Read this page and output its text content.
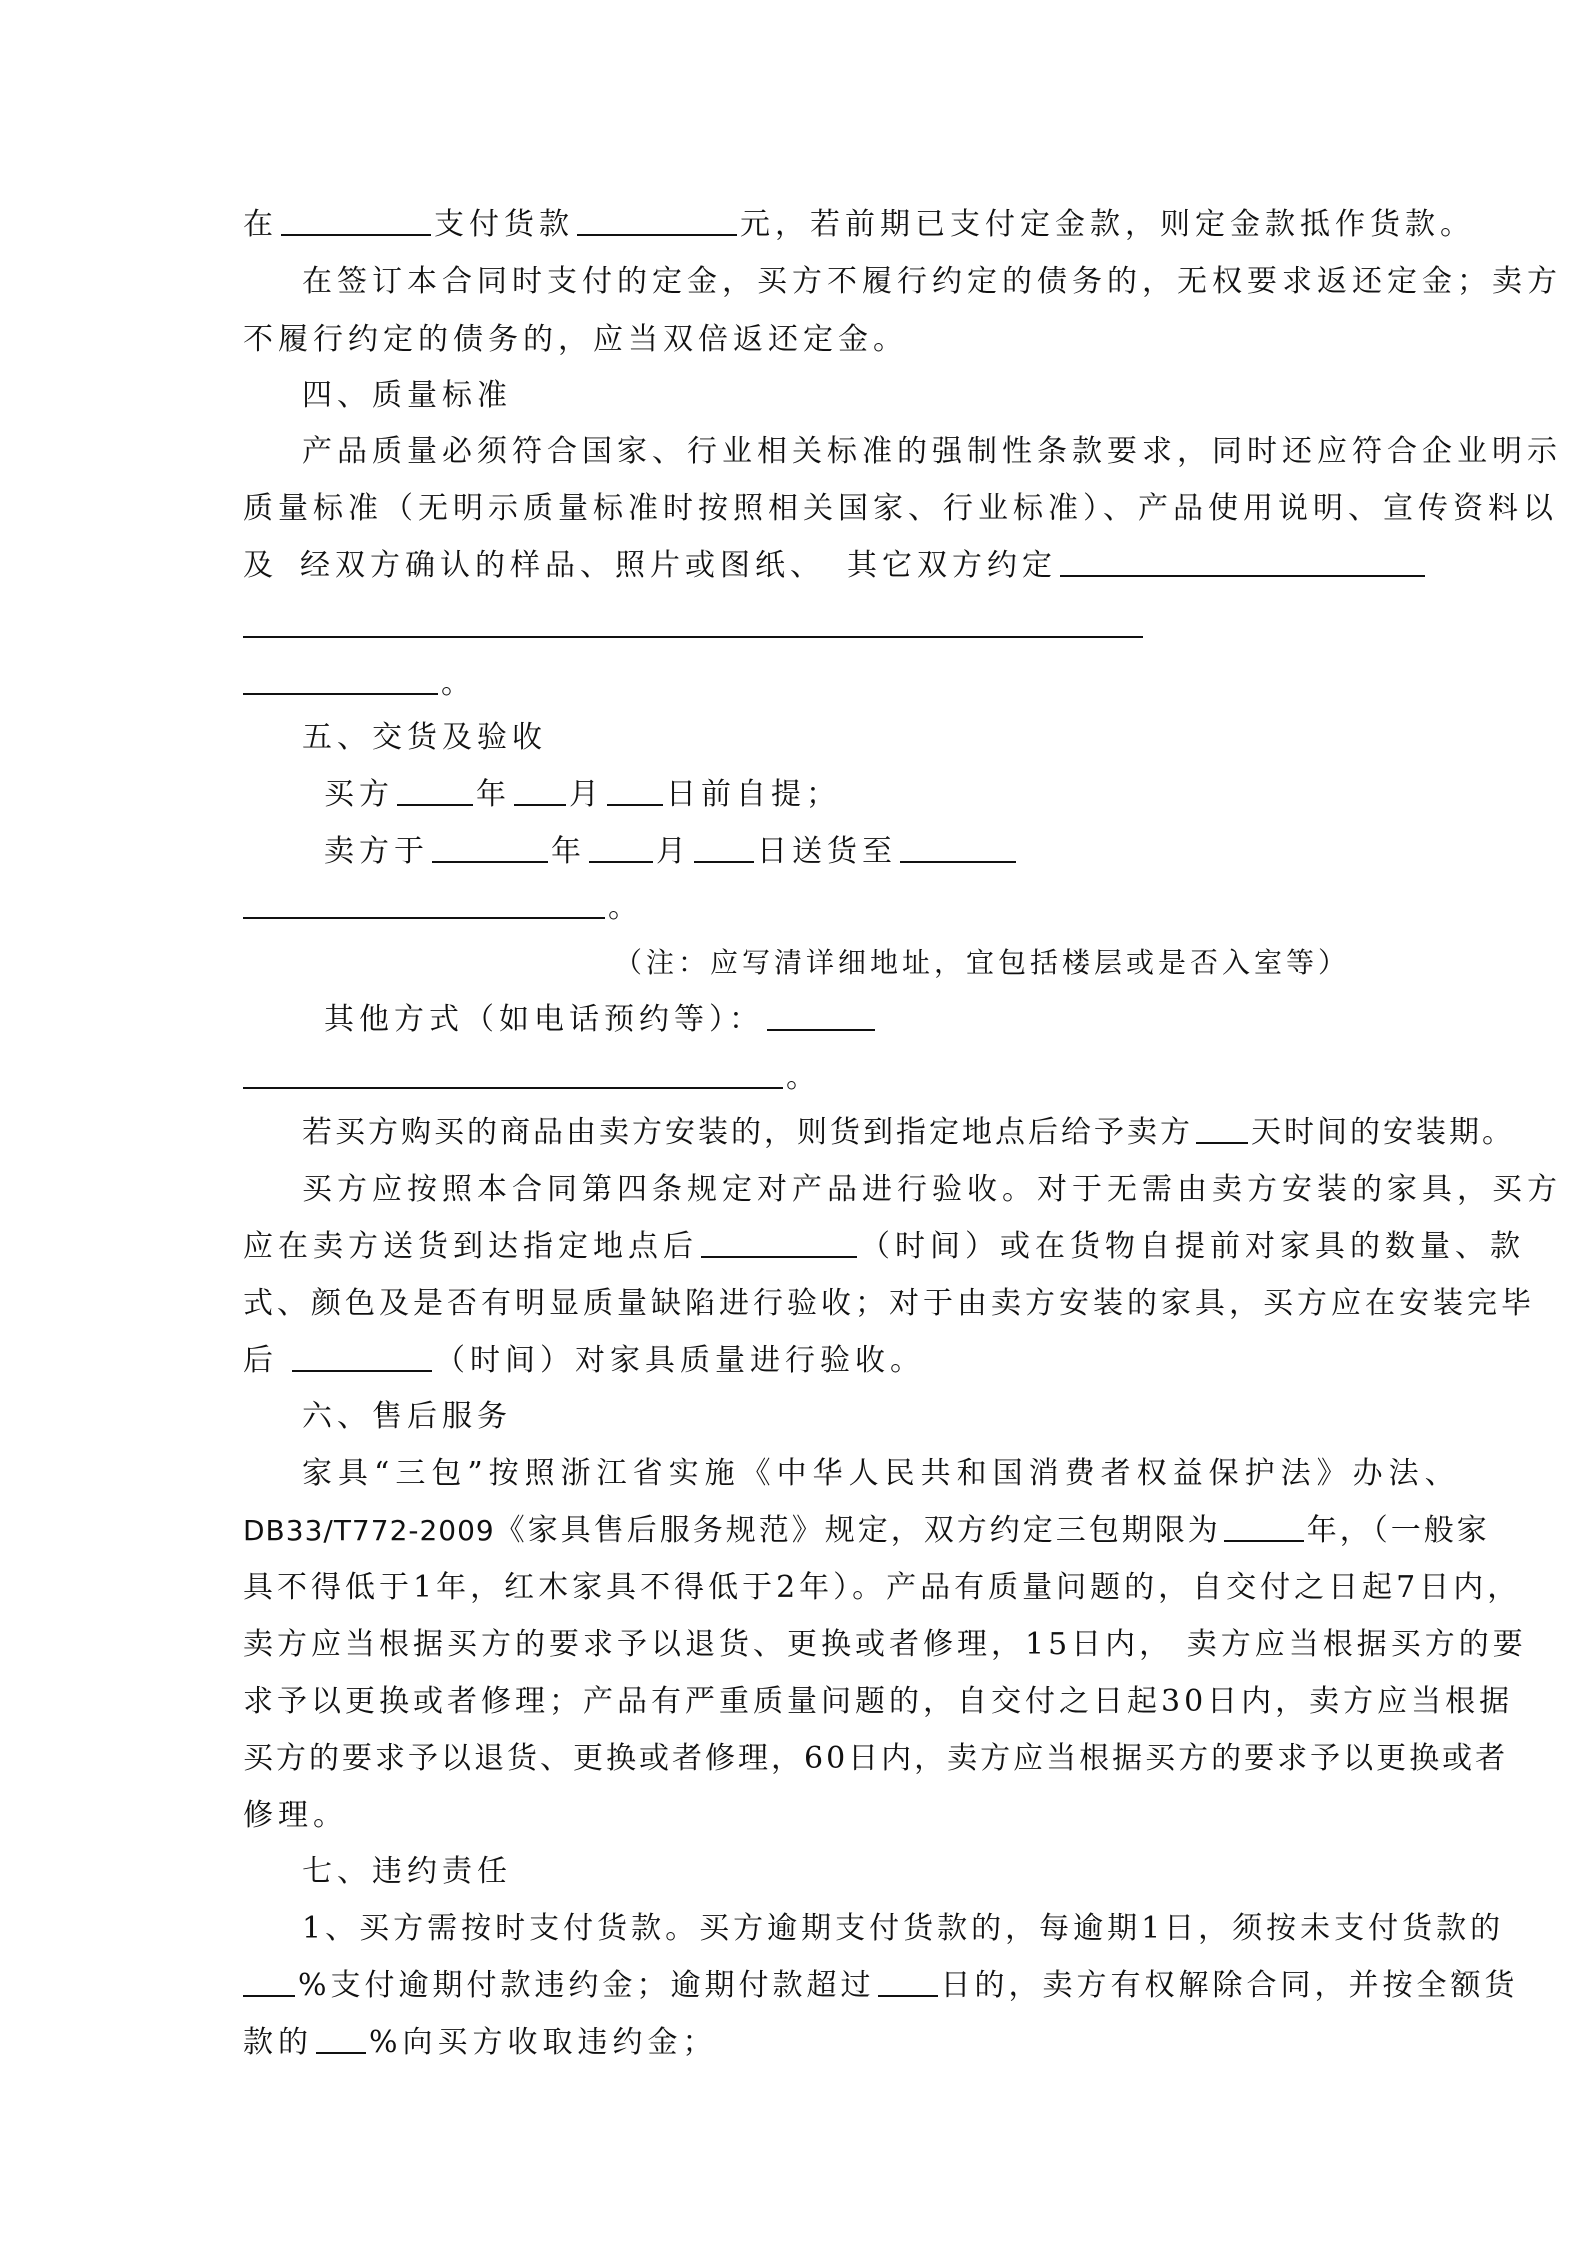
在	支付货款	元，若前期已支付定金款，则定金款抵作货款。
在签订本合同时支付的定金，买方不履行约定的债务的，无权要求返还定金；卖方
不履行约定的债务的，应当双倍返还定金。
四、质量标准
产品质量必须符合国家、行业相关标准的强制性条款要求，同时还应符合企业明示
质量标准（无明示质量标准时按照相关国家、行业标准）、产品使用说明、宣传资料以
及 经双方确认的样品、照片或图纸、 其它双方约定
。
五、交货及验收
买方	年 月 日前自提；
卖方于	年 月 日送货至
。
（注：应写清详细地址，宜包括楼层或是否入室等）
其他方式（如电话预约等）：
。
若买方购买的商品由卖方安装的，则货到指定地点后给予卖方 天时间的安装期。
买方应按照本合同第四条规定对产品进行验收。对于无需由卖方安装的家具，买方
应在卖方送货到达指定地点后	（时间）或在货物自提前对家具的数量、款
式、颜色及是否有明显质量缺陷进行验收；对于由卖方安装的家具，买方应在安装完毕
后	（时间）对家具质量进行验收。
六、售后服务
家具“三包”按照浙江省实施《中华人民共和国消费者权益保护法》办法、
DB33/T772-2009《家具售后服务规范》规定，双方约定三包期限为	年，（一般家
具不得低于1年，红木家具不得低于2年）。产品有质量问题的，自交付之日起7日内，
卖方应当根据买方的要求予以退货、更换或者修理，15日内， 卖方应当根据买方的要
求予以更换或者修理；产品有严重质量问题的，自交付之日起30日内，卖方应当根据
买方的要求予以退货、更换或者修理，60日内，卖方应当根据买方的要求予以更换或者
修理。
七、违约责任
1、买方需按时支付货款。买方逾期支付货款的，每逾期1日，须按未支付货款的
%支付逾期付款违约金；逾期付款超过 日的，卖方有权解除合同，并按全额货
款的 %向买方收取违约金；
